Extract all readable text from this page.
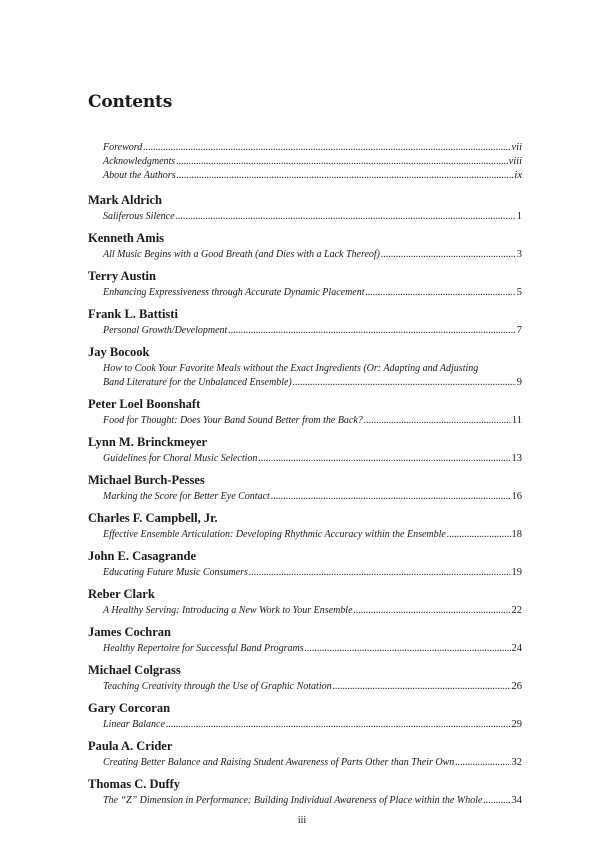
Contents
Foreword .....	vii
Acknowledgments .....	viii
About the Authors .....	ix
Mark Aldrich
Saliferous Silence .....	1
Kenneth Amis
All Music Begins with a Good Breath (and Dies with a Lack Thereof) .....	3
Terry Austin
Enhancing Expressiveness through Accurate Dynamic Placement .....	5
Frank L. Battisti
Personal Growth/Development .....	7
Jay Bocook
How to Cook Your Favorite Meals without the Exact Ingredients (Or: Adapting and Adjusting
Band Literature for the Unbalanced Ensemble) .....	9
Peter Loel Boonshaft
Food for Thought: Does Your Band Sound Better from the Back? .....	11
Lynn M. Brinckmeyer
Guidelines for Choral Music Selection .....	13
Michael Burch-Pesses
Marking the Score for Better Eye Contact .....	16
Charles F. Campbell, Jr.
Effective Ensemble Articulation: Developing Rhythmic Accuracy within the Ensemble .....	18
John E. Casagrande
Educating Future Music Consumers .....	19
Reber Clark
A Healthy Serving: Introducing a New Work to Your Ensemble .....	22
James Cochran
Healthy Repertoire for Successful Band Programs .....	24
Michael Colgrass
Teaching Creativity through the Use of Graphic Notation .....	26
Gary Corcoran
Linear Balance .....	29
Paula A. Crider
Creating Better Balance and Raising Student Awareness of Parts Other than Their Own .....	32
Thomas C. Duffy
The “Z” Dimension in Performance: Building Individual Awareness of Place within the Whole .....	34
iii
